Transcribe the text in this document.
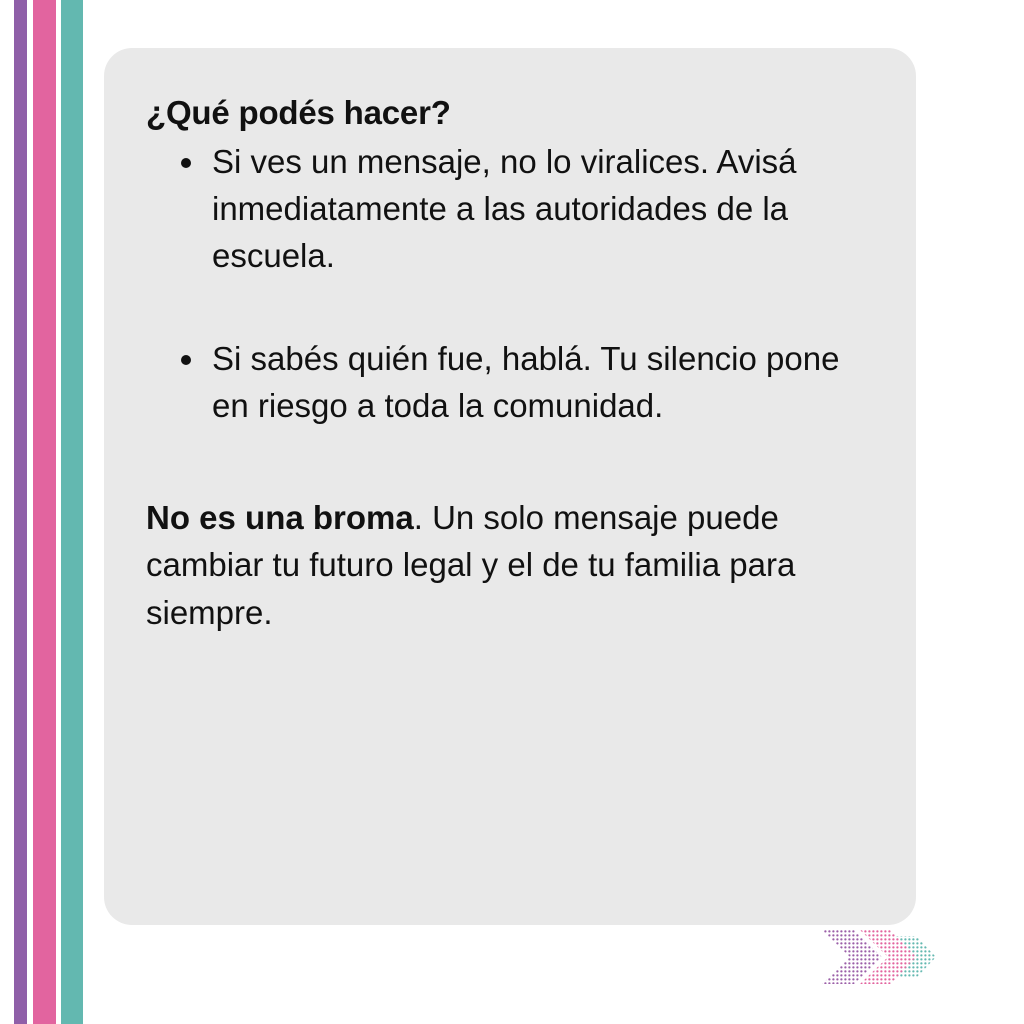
¿Qué podés hacer?
• Si ves un mensaje, no lo viralices. Avisá inmediatamente a las autoridades de la escuela.
• Si sabés quién fue, hablá. Tu silencio pone en riesgo a toda la comunidad.

No es una broma. Un solo mensaje puede cambiar tu futuro legal y el de tu familia para siempre.
